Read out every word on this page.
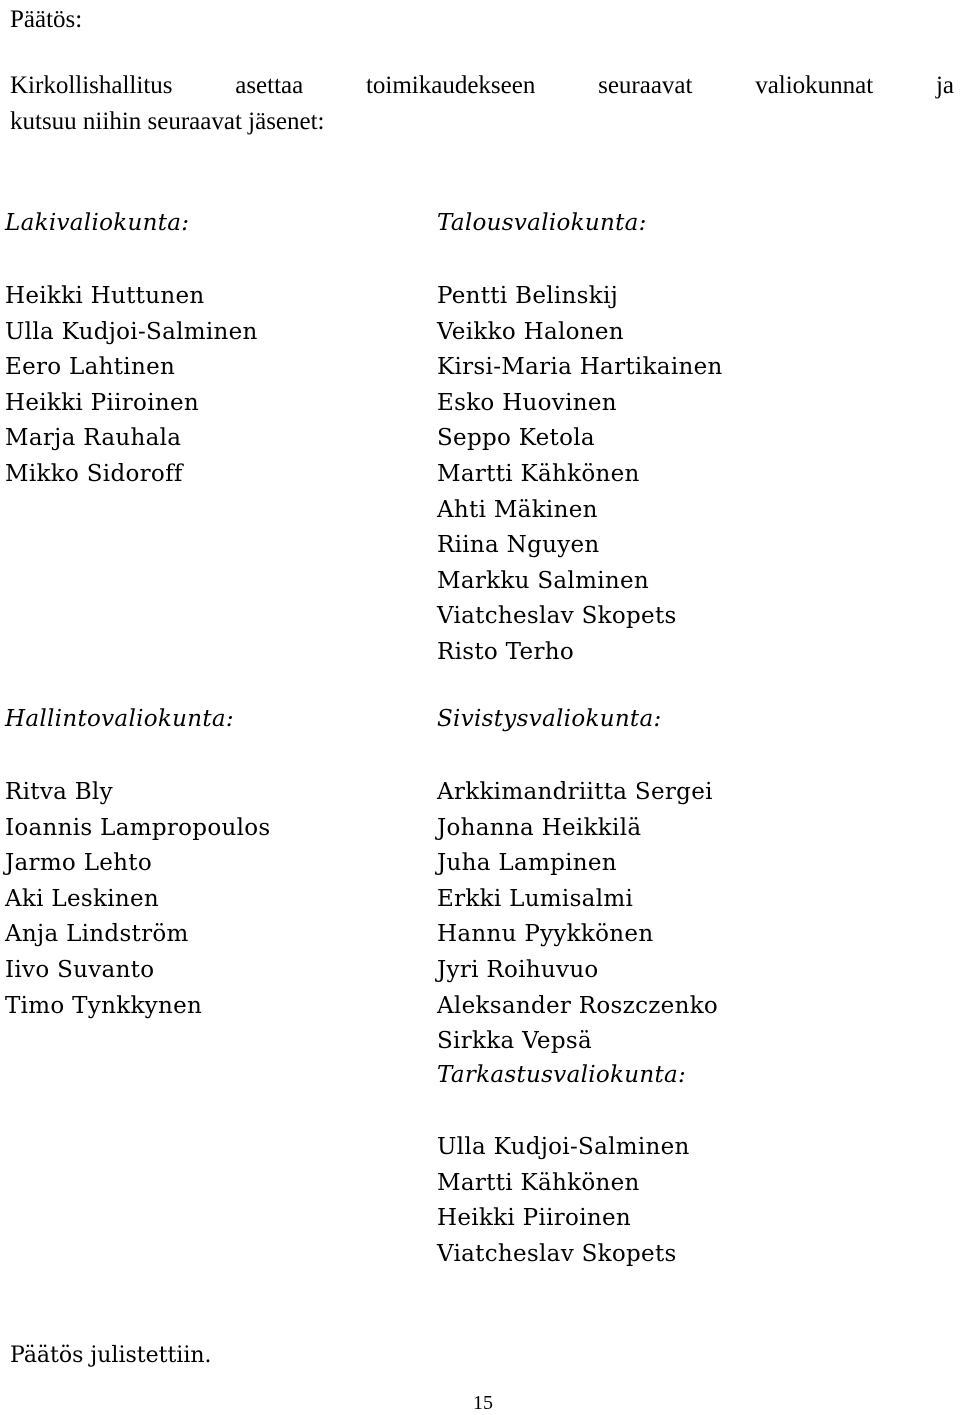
Päätös:
Kirkollishallitus asettaa toimikaudekseen seuraavat valiokunnat ja
kutsuu niihin seuraavat jäsenet:
Lakivaliokunta:
Heikki Huttunen
Ulla Kudjoi-Salminen
Eero Lahtinen
Heikki Piiroinen
Marja Rauhala
Mikko Sidoroff
Hallintovaliokunta:
Ritva Bly
Ioannis Lampropoulos
Jarmo Lehto
Aki Leskinen
Anja Lindström
Iivo Suvanto
Timo Tynkkynen
Talousvaliokunta:
Pentti Belinskij
Veikko Halonen
Kirsi-Maria Hartikainen
Esko Huovinen
Seppo Ketola
Martti Kähkönen
Ahti Mäkinen
Riina Nguyen
Markku Salminen
Viatcheslav Skopets
Risto Terho
Sivistysvaliokunta:
Arkkimandriitta Sergei
Johanna Heikkilä
Juha Lampinen
Erkki Lumisalmi
Hannu Pyykkönen
Jyri Roihuvuo
Aleksander Roszczenko
Sirkka Vepsä
Tarkastusvaliokunta:
Ulla Kudjoi-Salminen
Martti Kähkönen
Heikki Piiroinen
Viatcheslav Skopets
Päätös julistettiin.
15
